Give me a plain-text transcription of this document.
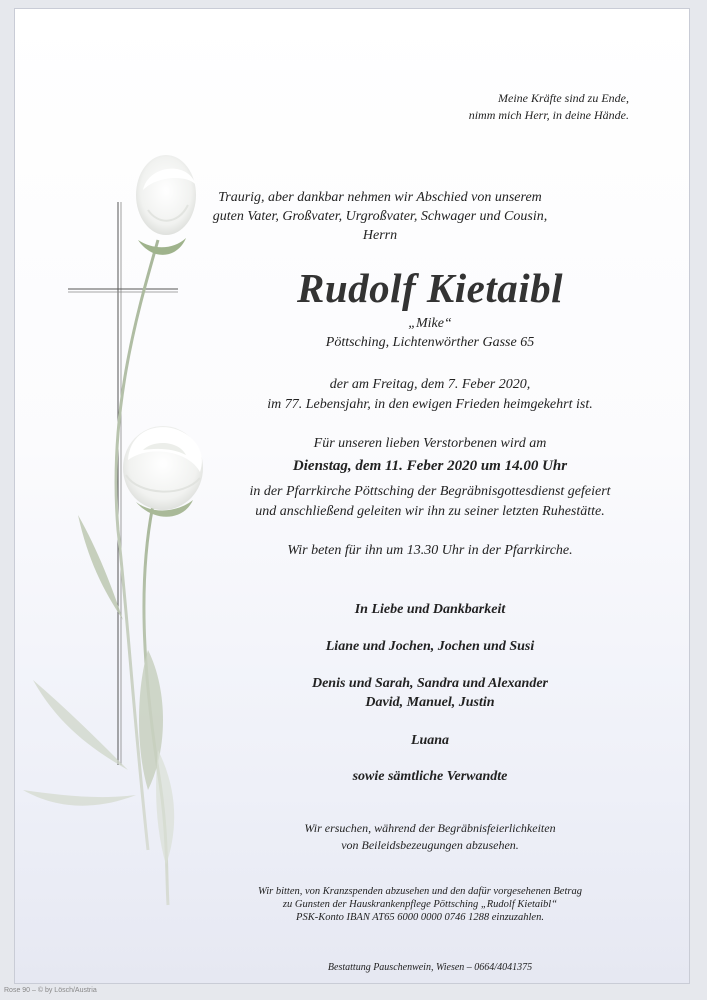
Meine Kräfte sind zu Ende,
nimm mich Herr, in deine Hände.
Traurig, aber dankbar nehmen wir Abschied von unserem
guten Vater, Großvater, Urgroßvater, Schwager und Cousin,
Herrn
Rudolf Kietaibl
„Mike“
Pöttsching, Lichtenwörther Gasse 65
der am Freitag, dem 7. Feber 2020,
im 77. Lebensjahr, in den ewigen Frieden heimgekehrt ist.
Für unseren lieben Verstorbenen wird am
Dienstag, dem 11. Feber 2020 um 14.00 Uhr
in der Pfarrkirche Pöttsching der Begräbnisgottesdienst gefeiert
und anschließend geleiten wir ihn zu seiner letzten Ruhestätte.
Wir beten für ihn um 13.30 Uhr in der Pfarrkirche.
In Liebe und Dankbarkeit
Liane und Jochen, Jochen und Susi
Denis und Sarah, Sandra und Alexander
David, Manuel, Justin
Luana
sowie sämtliche Verwandte
Wir ersuchen, während der Begräbnisfeierlichkeiten
von Beileidsbezeugungen abzusehen.
Wir bitten, von Kranzspenden abzusehen und den dafür vorgesehenen Betrag
zu Gunsten der Hauskrankenpflege Pöttsching „Rudolf Kietaibl“
PSK-Konto IBAN AT65 6000 0000 0746 1288 einzuzahlen.
Bestattung Pauschenwein, Wiesen – 0664/4041375
Rose 90 – © by Lösch/Austria
